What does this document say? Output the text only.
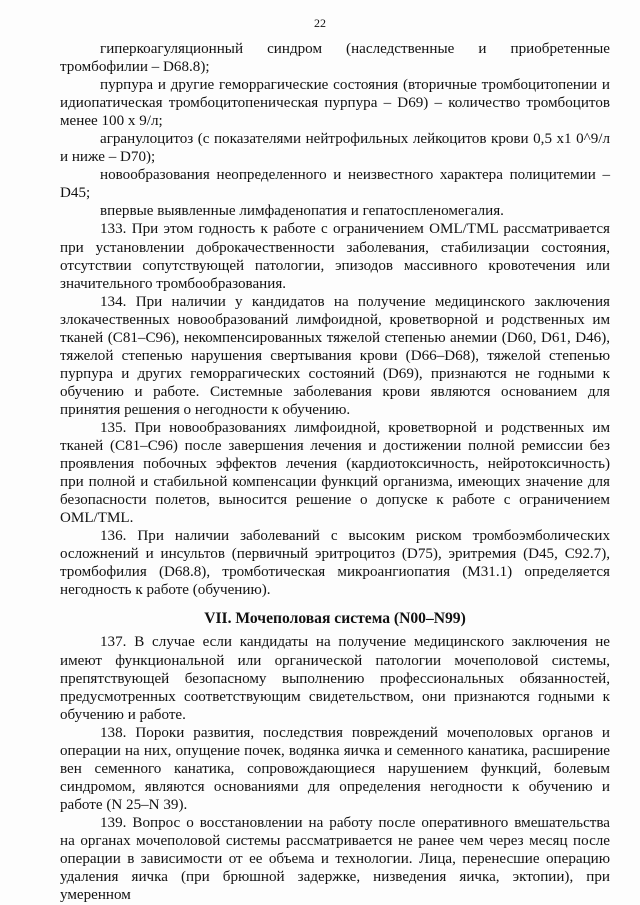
22

гиперкоагуляционный синдром (наследственные и приобретенные тромбофилии – D68.8);

пурпура и другие геморрагические состояния (вторичные тромбоцитопении и идиопатическая тромбоцитопеническая пурпура – D69) – количество тромбоцитов менее 100 х 9/л;

агранулоцитоз (с показателями нейтрофильных лейкоцитов крови 0,5 х1 0^9/л и ниже – D70);

новообразования неопределенного и неизвестного характера полицитемии – D45;

впервые выявленные лимфаденопатия и гепатоспленомегалия.

133. При этом годность к работе с ограничением OML/TML рассматривается при установлении доброкачественности заболевания, стабилизации состояния, отсутствии сопутствующей патологии, эпизодов массивного кровотечения или значительного тромбообразования.

134. При наличии у кандидатов на получение медицинского заключения злокачественных новообразований лимфоидной, кроветворной и родственных им тканей (C81–C96), некомпенсированных тяжелой степенью анемии (D60, D61, D46), тяжелой степенью нарушения свертывания крови (D66–D68), тяжелой степенью пурпура и других геморрагических состояний (D69), признаются не годными к обучению и работе. Системные заболевания крови являются основанием для принятия решения о негодности к обучению.

135. При новообразованиях лимфоидной, кроветворной и родственных им тканей (C81–C96) после завершения лечения и достижении полной ремиссии без проявления побочных эффектов лечения (кардиотоксичность, нейротоксичность) при полной и стабильной компенсации функций организма, имеющих значение для безопасности полетов, выносится решение о допуске к работе с ограничением OML/TML.

136. При наличии заболеваний с высоким риском тромбоэмболических осложнений и инсультов (первичный эритроцитоз (D75), эритремия (D45, C92.7), тромбофилия (D68.8), тромботическая микроангиопатия (M31.1) определяется негодность к работе (обучению).

VII. Мочеполовая система (N00–N99)

137. В случае если кандидаты на получение медицинского заключения не имеют функциональной или органической патологии мочеполовой системы, препятствующей безопасному выполнению профессиональных обязанностей, предусмотренных соответствующим свидетельством, они признаются годными к обучению и работе.

138. Пороки развития, последствия повреждений мочеполовых органов и операции на них, опущение почек, водянка яичка и семенного канатика, расширение вен семенного канатика, сопровождающиеся нарушением функций, болевым синдромом, являются основаниями для определения негодности к обучению и работе (N 25–N 39).

139. Вопрос о восстановлении на работу после оперативного вмешательства на органах мочеполовой системы рассматривается не ранее чем через месяц после операции в зависимости от ее объема и технологии. Лица, перенесшие операцию удаления яичка (при брюшной задержке, низведения яичка, эктопии), при умеренном
